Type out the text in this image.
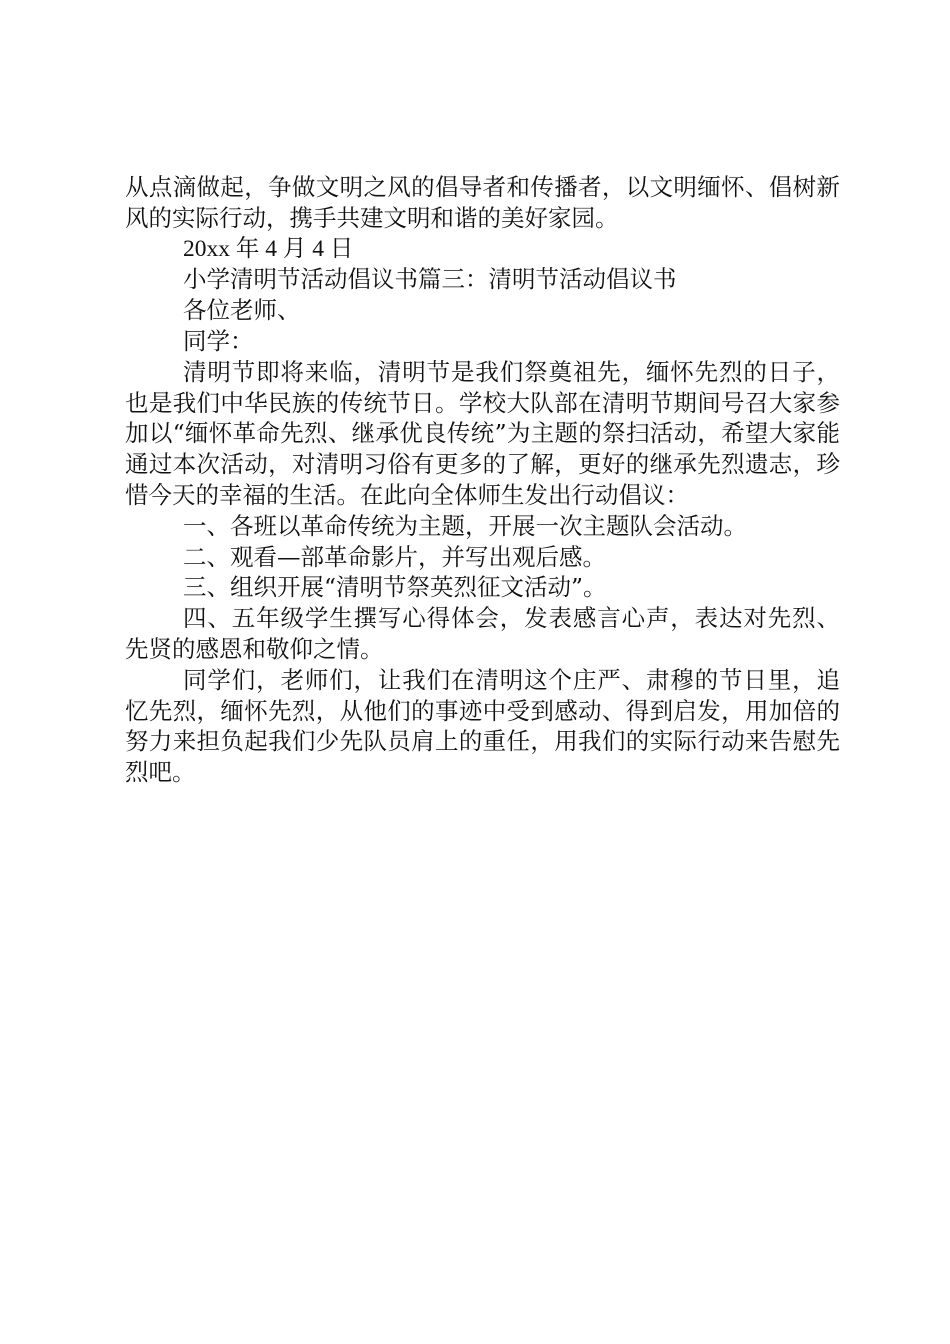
从点滴做起，争做文明之风的倡导者和传播者，以文明缅怀、倡树新风的实际行动，携手共建文明和谐的美好家园。

20xx 年 4 月 4 日

小学清明节活动倡议书篇三：清明节活动倡议书

各位老师、

同学：

清明节即将来临，清明节是我们祭奠祖先，缅怀先烈的日子，也是我们中华民族的传统节日。学校大队部在清明节期间号召大家参加以“缅怀革命先烈、继承优良传统”为主题的祭扫活动，希望大家能通过本次活动，对清明习俗有更多的了解，更好的继承先烈遗志，珍惜今天的幸福的生活。在此向全体师生发出行动倡议：

一、各班以革命传统为主题，开展一次主题队会活动。

二、观看—部革命影片，并写出观后感。

三、组织开展“清明节祭英烈征文活动”。

四、五年级学生撰写心得体会，发表感言心声，表达对先烈、先贤的感恩和敬仰之情。

同学们，老师们，让我们在清明这个庄严、肃穆的节日里，追忆先烈，缅怀先烈，从他们的事迹中受到感动、得到启发，用加倍的努力来担负起我们少先队员肩上的重任，用我们的实际行动来告慰先烈吧。
